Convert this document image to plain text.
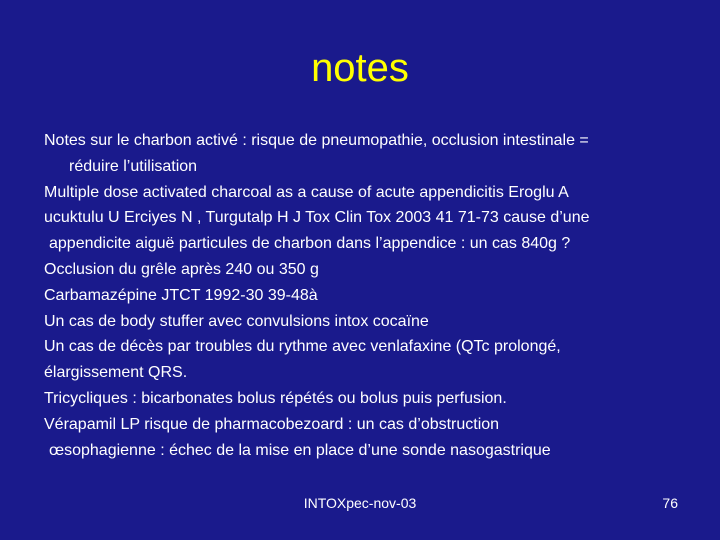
notes
Notes sur le charbon activé : risque de pneumopathie, occlusion intestinale =
réduire l’utilisation
Multiple dose activated charcoal as a cause of acute appendicitis Eroglu A
ucuktulu U Erciyes N , Turgutalp H J Tox Clin Tox 2003 41 71-73 cause d’une
appendicite aiguë particules de charbon dans l’appendice : un cas 840g ?
Occlusion du grêle après 240 ou 350 g
Carbamazépine JTCT 1992-30 39-48à
Un cas de body stuffer avec convulsions intox cocaïne
Un cas de décès par troubles du rythme avec venlafaxine (QTc prolongé,
élargissement QRS.
Tricycliques : bicarbonates bolus répétés ou bolus puis perfusion.
Vérapamil LP risque de pharmacobezoard : un cas d’obstruction
œsophagienne : échec de la mise en place d’une sonde nasogastrique
INTOXpec-nov-03	76
